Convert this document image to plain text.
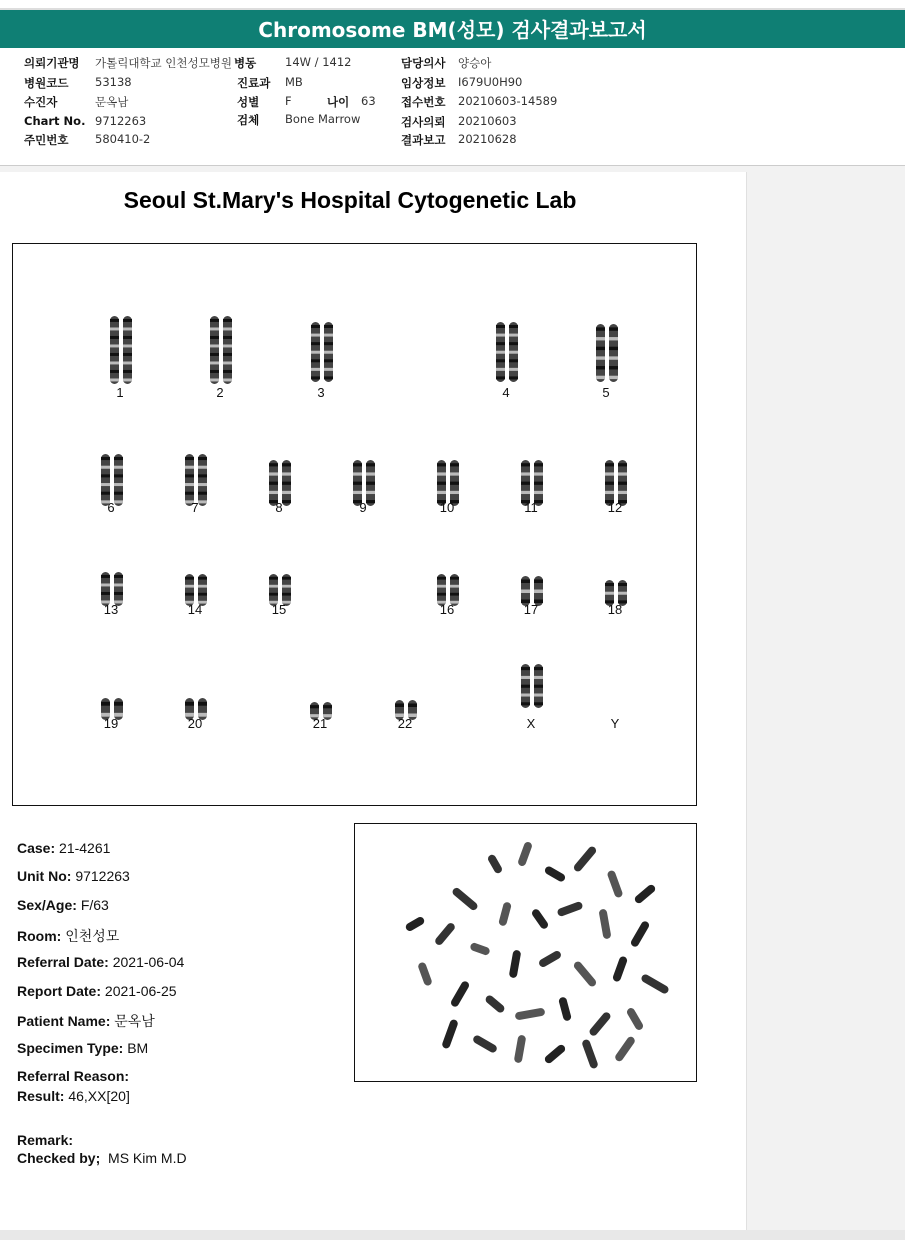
Chromosome BM(성모) 검사결과보고서
의뢰기관명 가톨릭대학교 인천성모병원
병원코드 53138
수진자	문옥남
Chart No. 9712263
주민번호 580410-2
병동	14W / 1412
진료과 MB
성별 F	나이 63
검체 Bone Marrow
담당의사 양승아
임상정보 I679U0H90
접수번호 20210603-14589
검사의뢰 20210603
결과보고 20210628
Seoul St.Mary's Hospital Cytogenetic Lab
1	2	3	4	5
6	7	8	9	10	11	12
13	14	15	16	17	18
19	20	21	22	X	Y
Case: 21-4261
Unit No: 9712263
Sex/Age: F/63
Room: 인천성모
Referral Date: 2021-06-04
Report Date: 2021-06-25
Patient Name: 문옥남
Specimen Type: BM
Referral Reason:
Result: 46,XX[20]
Remark:
Checked by; MS Kim M.D
